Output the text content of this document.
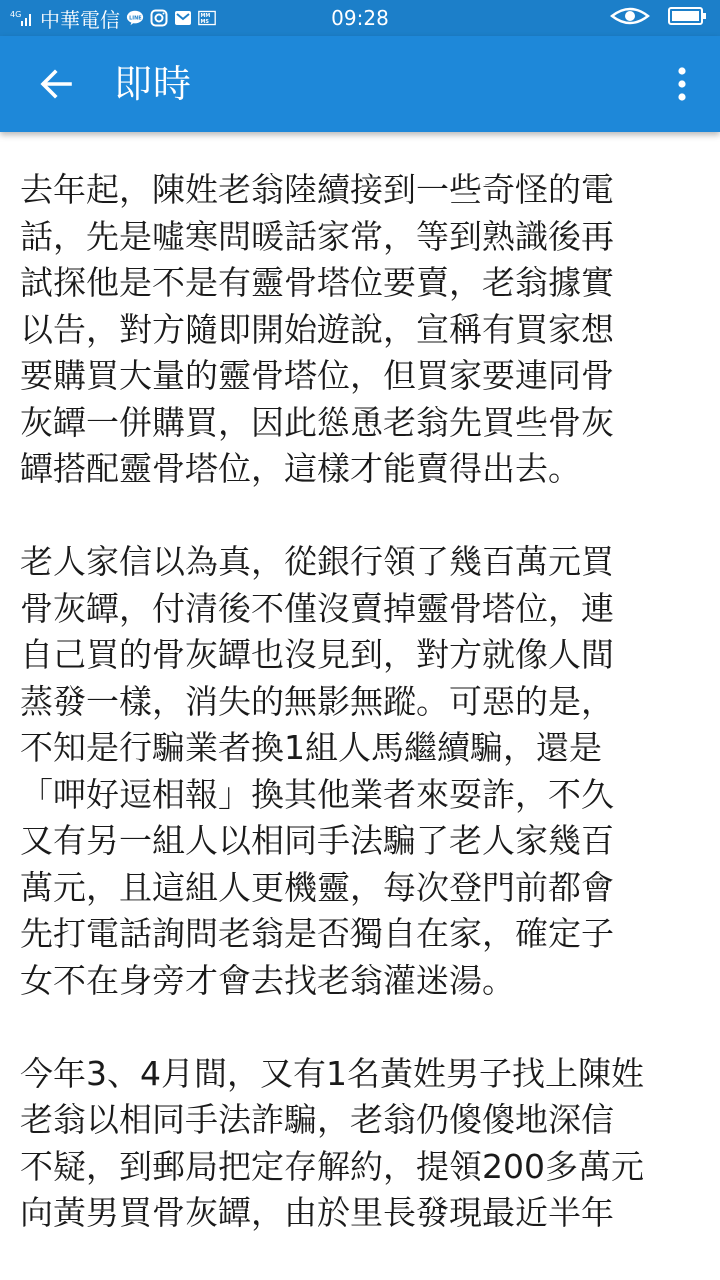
4G 中華電信 LINE	MM
MS	09:28
即時

去年起，陳姓老翁陸續接到一些奇怪的電
話，先是噓寒問暖話家常，等到熟識後再
試探他是不是有靈骨塔位要賣，老翁據實
以告，對方隨即開始遊說，宣稱有買家想
要購買大量的靈骨塔位，但買家要連同骨
灰罈一併購買，因此慫恿老翁先買些骨灰
罈搭配靈骨塔位，這樣才能賣得出去。

老人家信以為真，從銀行領了幾百萬元買
骨灰罈，付清後不僅沒賣掉靈骨塔位，連
自己買的骨灰罈也沒見到，對方就像人間
蒸發一樣，消失的無影無蹤。可惡的是，
不知是行騙業者換1組人馬繼續騙，還是
「呷好逗相報」換其他業者來耍詐，不久
又有另一組人以相同手法騙了老人家幾百
萬元，且這組人更機靈，每次登門前都會
先打電話詢問老翁是否獨自在家，確定子
女不在身旁才會去找老翁灌迷湯。

今年3、4月間，又有1名黃姓男子找上陳姓
老翁以相同手法詐騙，老翁仍傻傻地深信
不疑，到郵局把定存解約，提領200多萬元
向黃男買骨灰罈，由於里長發現最近半年
